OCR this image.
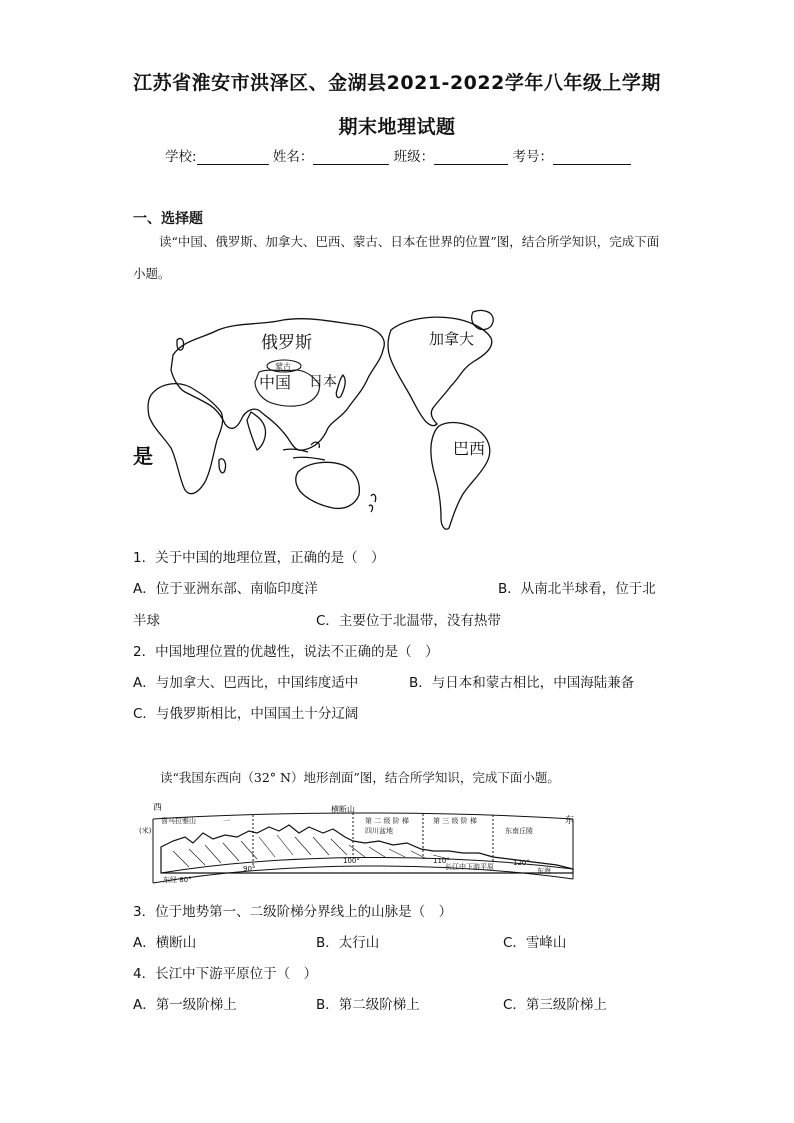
江苏省淮安市洪泽区、金湖县2021-2022学年八年级上学期
期末地理试题
学校:	姓名：	班级：	考号：
一、选择题
读“中国、俄罗斯、加拿大、巴西、蒙古、日本在世界的位置”图，结合所学知识，完成下面小题。
俄罗斯
蒙古
中国 日本
加拿大
巴西
是
1．关于中国的地理位置，正确的是（　）
A．位于亚洲东部、南临印度洋	B．从南北半球看，位于北
半球	C．主要位于北温带，没有热带
2．中国地理位置的优越性，说法不正确的是（　）
A．与加拿大、巴西比，中国纬度适中	B．与日本和蒙古相比，中国海陆兼备
C．与俄罗斯相比，中国国土十分辽阔
读“我国东西向（32° N）地形剖面”图，结合所学知识，完成下面小题。
西
东
(米)
横断山
喜马拉雅山	一	第 二 级 阶 梯	第 三 级 阶 梯
四川盆地	东南丘陵
东经 80°
90°
100°	110°	120°
长江中下游平原	东海
3．位于地势第一、二级阶梯分界线上的山脉是（　）
A．横断山	B．太行山	C．雪峰山
4．长江中下游平原位于（　）
A．第一级阶梯上	B．第二级阶梯上	C．第三级阶梯上
